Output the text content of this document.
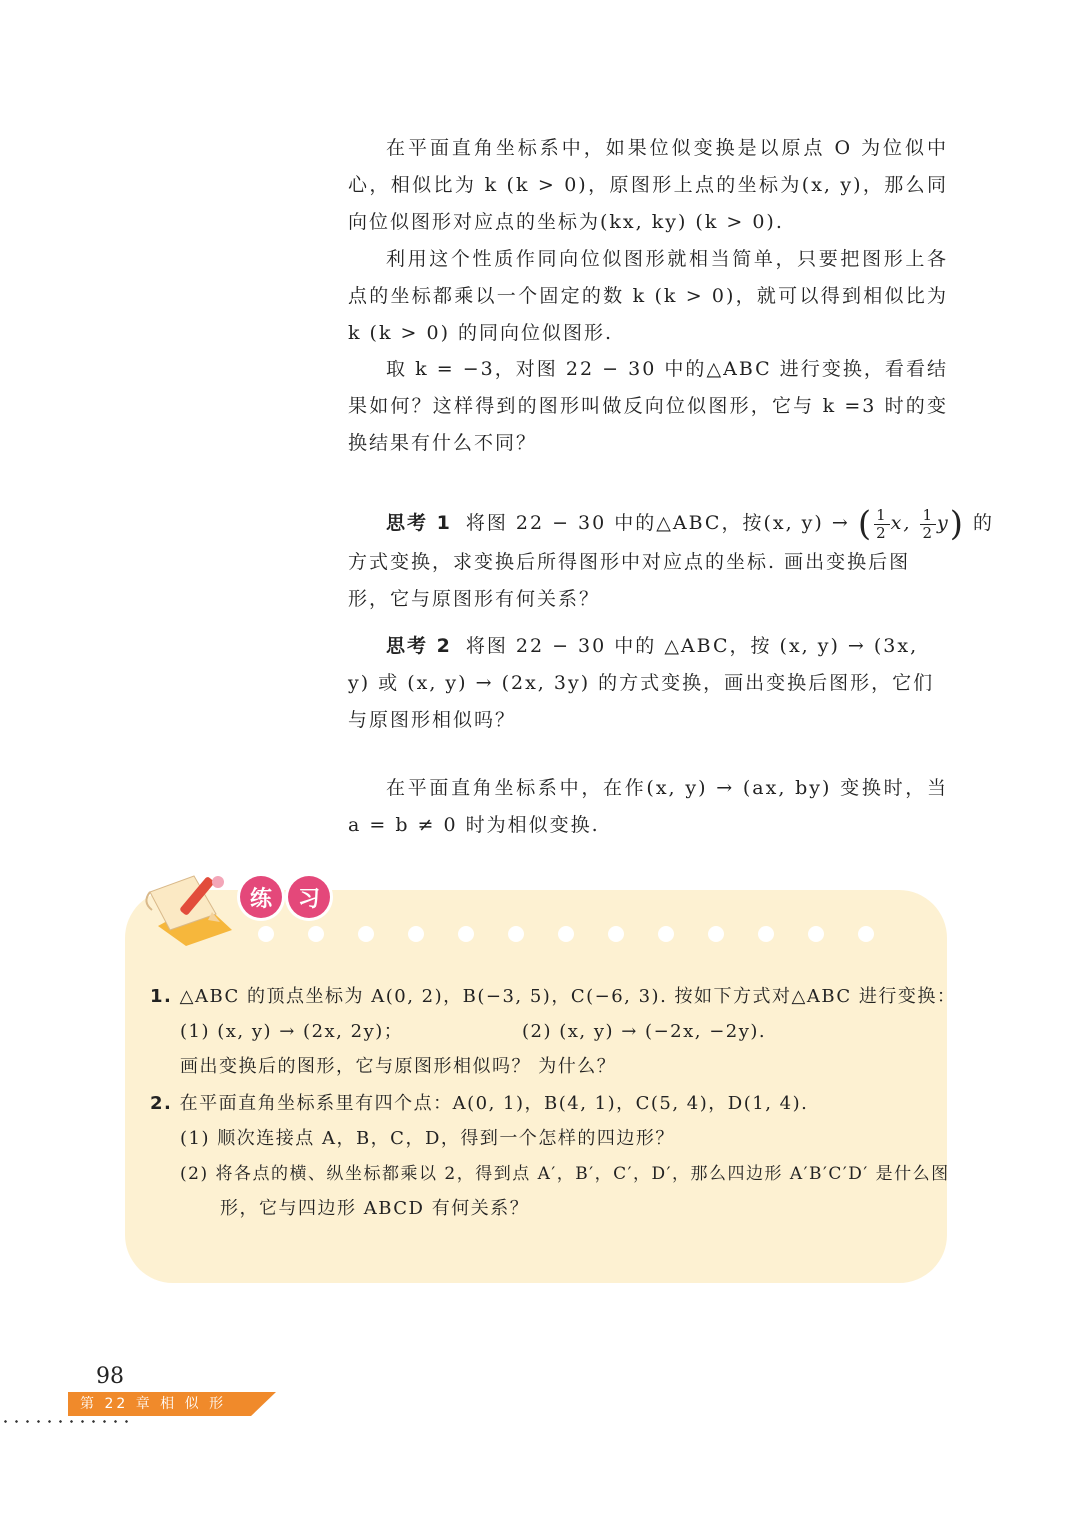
在平面直角坐标系中，如果位似变换是以原点 O 为位似中心，相似比为 k (k > 0)，原图形上点的坐标为(x, y)，那么同向位似图形对应点的坐标为(kx, ky) (k > 0).

利用这个性质作同向位似图形就相当简单，只要把图形上各点的坐标都乘以一个固定的数 k (k > 0)，就可以得到相似比为 k (k > 0) 的同向位似图形.

取 k = −3，对图 22 − 30 中的△ABC 进行变换，看看结果如何？这样得到的图形叫做反向位似图形，它与 k =3 时的变换结果有什么不同？

思考 1 将图 22 − 30 中的△ABC，按(x, y) → ( $\frac{1}{2} x$, $\frac{1}{2} y$) 的
方式变换，求变换后所得图形中对应点的坐标. 画出变换后图形，它与原图形有何关系？
思考 2 将图 22 − 30 中的 △ABC，按 (x, y) → (3x, y) 或 (x, y) → (2x, 3y) 的方式变换，画出变换后图形，它们与原图形相似吗？

在平面直角坐标系中，在作(x, y) → (ax, by) 变换时，当 a = b ≠ 0 时为相似变换.

练	习
1. △ABC 的顶点坐标为 A(0, 2)，B(−3, 5)，C(−6, 3). 按如下方式对△ABC 进行变换：
(1) (x, y) → (2x, 2y)；	(2) (x, y) → (−2x, −2y).
画出变换后的图形，它与原图形相似吗？ 为什么？
2. 在平面直角坐标系里有四个点：A(0, 1)，B(4, 1)，C(5, 4)，D(1, 4).
(1) 顺次连接点 A，B，C，D，得到一个怎样的四边形？
(2) 将各点的横、纵坐标都乘以 2，得到点 A′，B′，C′，D′，那么四边形 A′B′C′D′ 是什么图
形，它与四边形 ABCD 有何关系？
98
第 22 章 相 似 形
